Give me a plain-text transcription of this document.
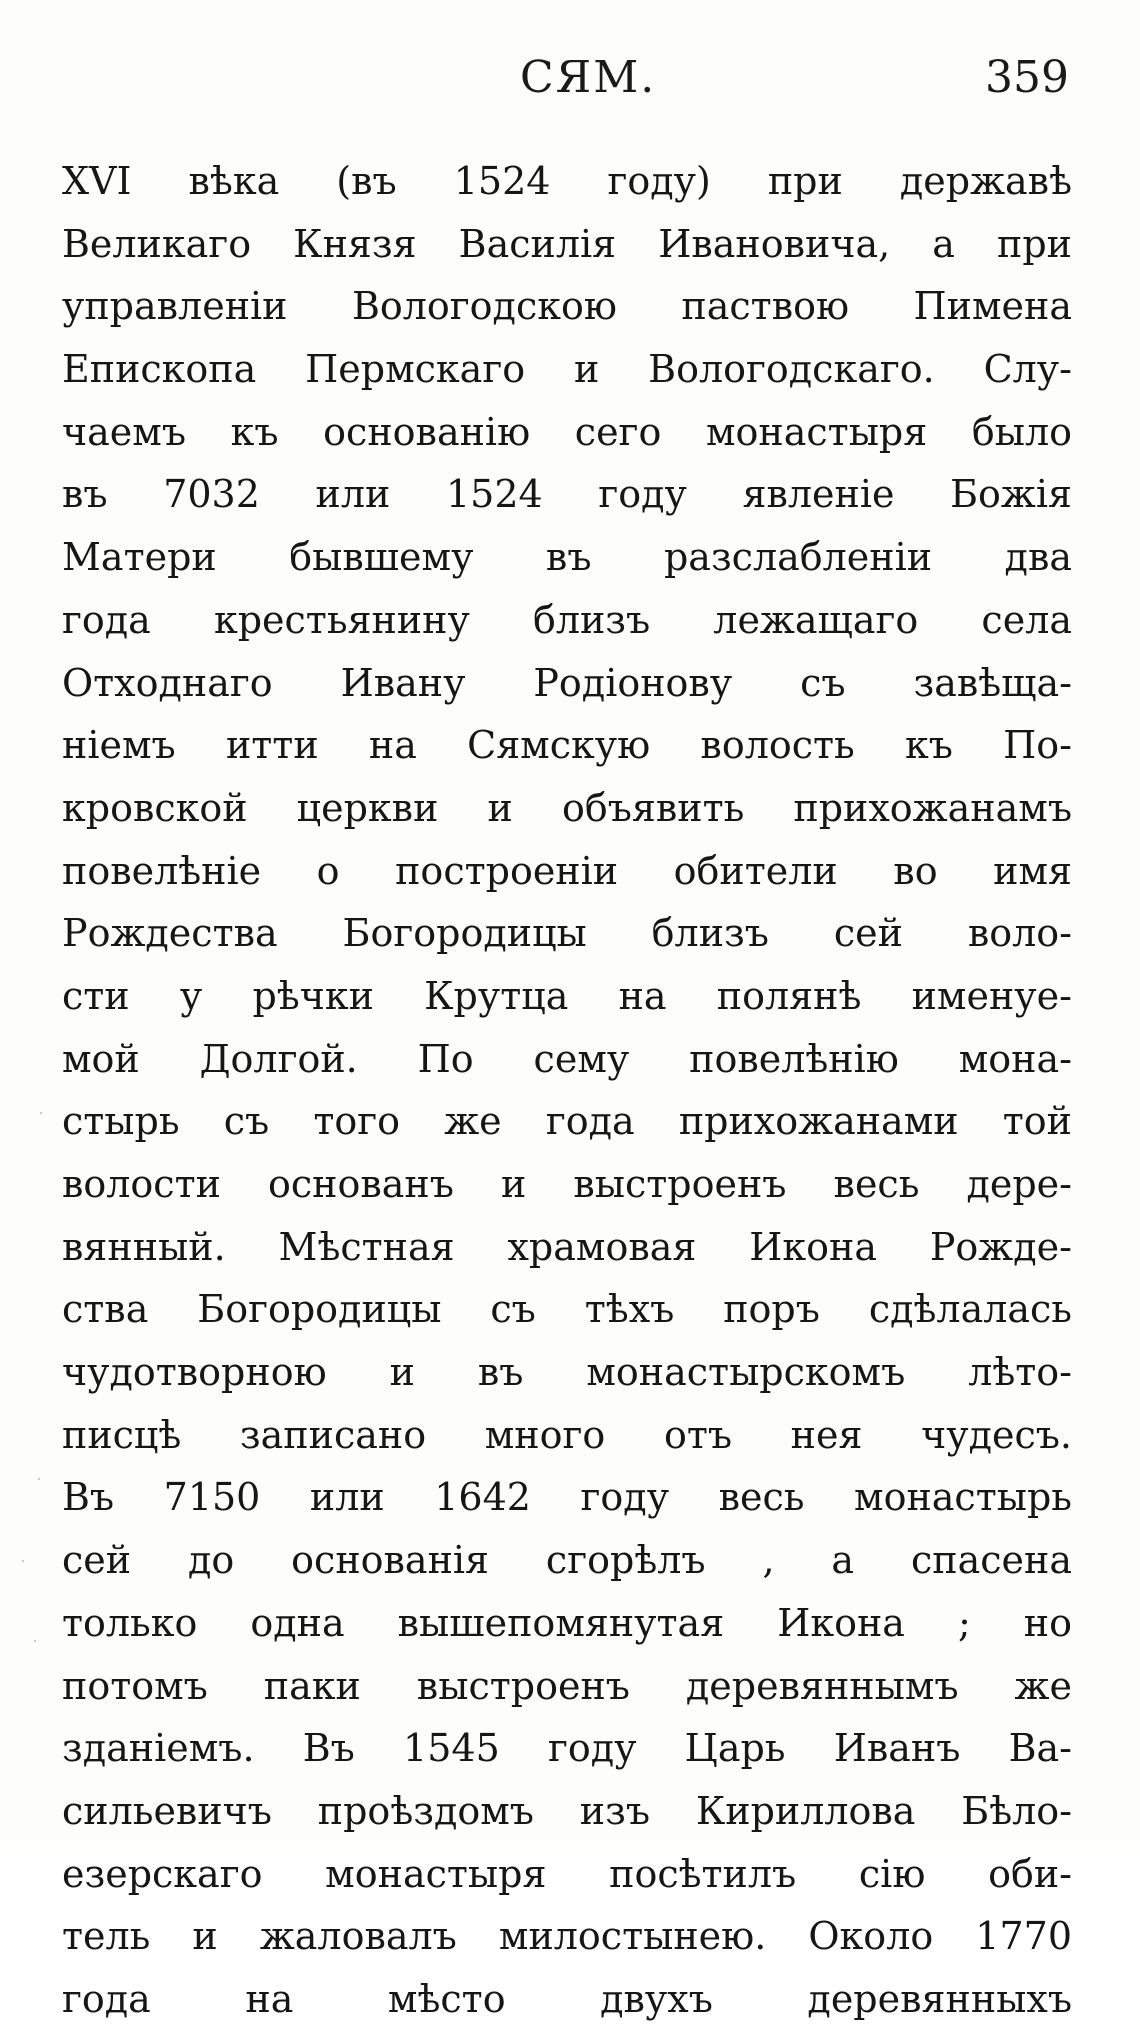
СЯМ.	359
XVI вѣка (въ 1524 году) при державѣ
Великаго Князя Василія Ивановича, а при
управленіи Вологодскою паствою Пимена
Епископа Пермскаго и Вологодскаго. Слу-
чаемъ къ основанію сего монастыря было
въ 7032 или 1524 году явленіе Божія
Матери бывшему въ разслабленіи два
года крестьянину близъ лежащаго села
Отходнаго Ивану Родіонову съ завѣща-
ніемъ итти на Сямскую волость къ По-
кровской церкви и объявить прихожанамъ
повелѣніе о построеніи обители во имя
Рождества Богородицы близъ сей воло-
сти у рѣчки Крутца на полянѣ именуе-
мой Долгой. По сему повелѣнію мона-
стырь съ того же года прихожанами той
волости основанъ и выстроенъ весь дере-
вянный. Мѣстная храмовая Икона Рожде-
ства Богородицы съ тѣхъ поръ сдѣлалась
чудотворною и въ монастырскомъ лѣто-
писцѣ записано много отъ нея чудесъ.
Въ 7150 или 1642 году весь монастырь
сей до основанія сгорѣлъ , а спасена
только одна вышепомянутая Икона ; но
потомъ паки выстроенъ деревяннымъ же
зданіемъ. Въ 1545 году Царь Иванъ Ва-
сильевичъ проѣздомъ изъ Кириллова Бѣло-
езерскаго монастыря посѣтилъ сію оби-
тель и жаловалъ милостынею. Около 1770
года на мѣсто двухъ деревянныхъ
